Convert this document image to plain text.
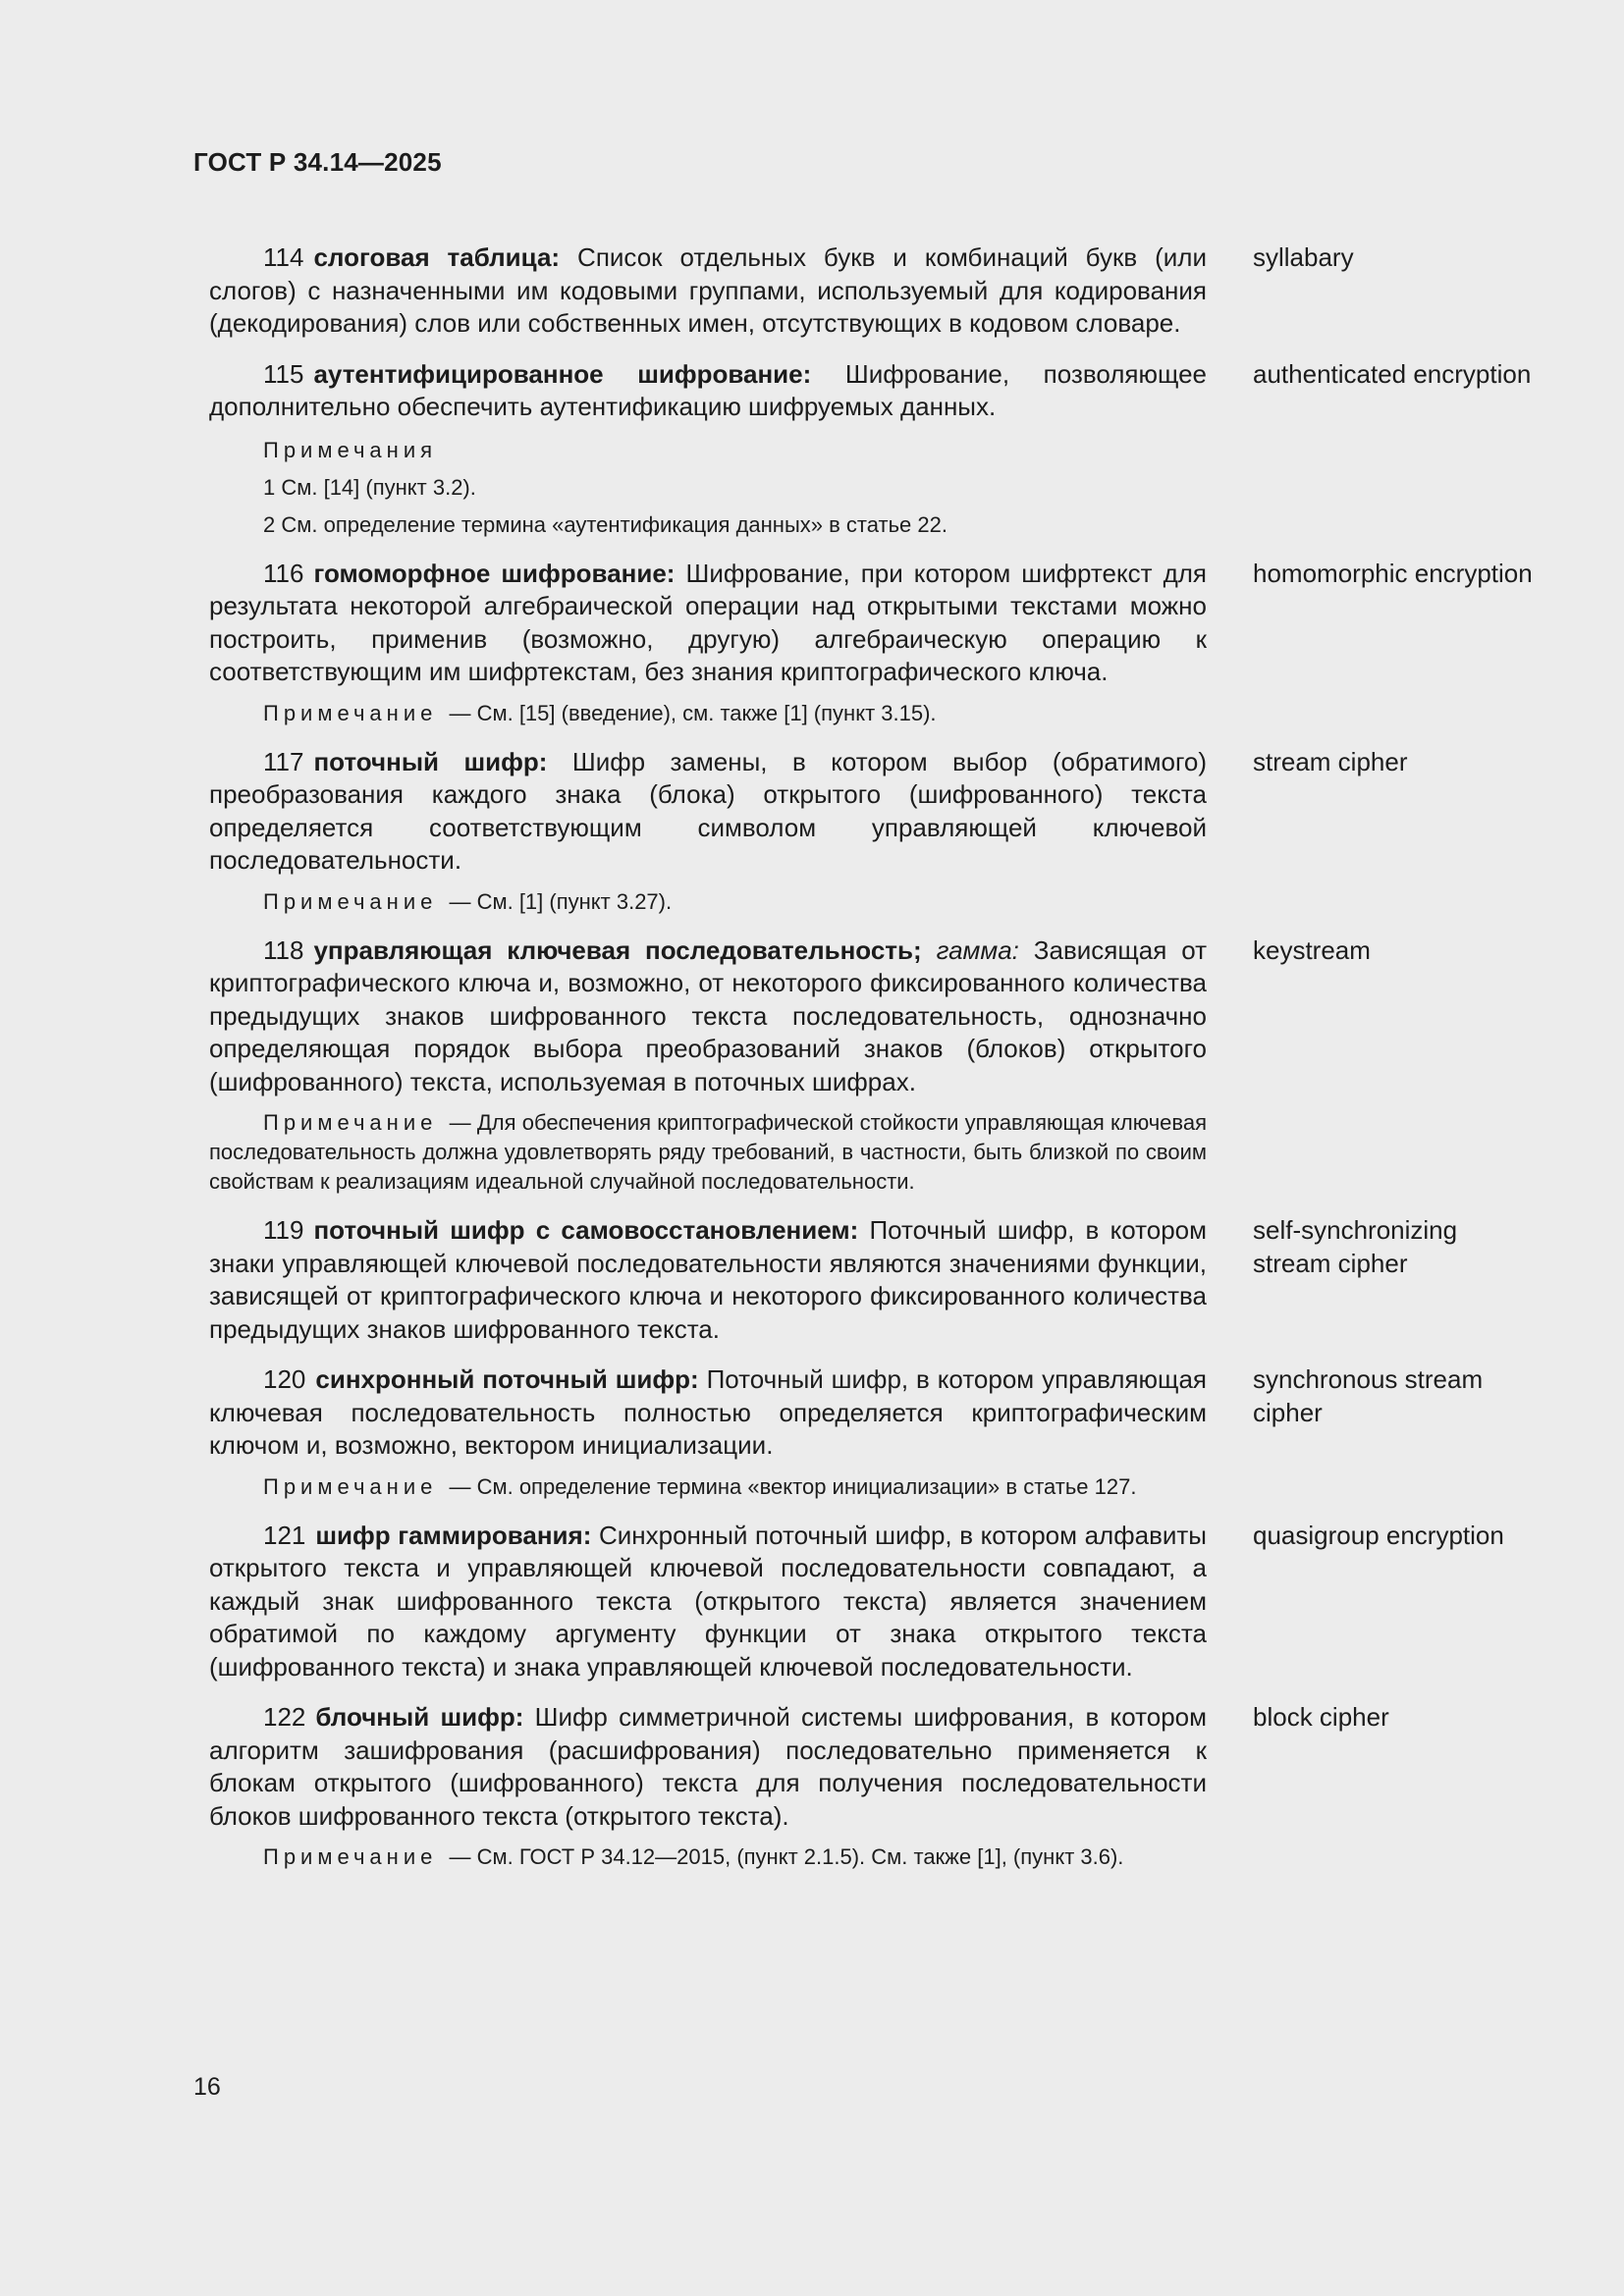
ГОСТ Р 34.14—2025

114 слоговая таблица: Список отдельных букв и комбинаций букв (или слогов) с назначенными им кодовыми группами, используемый для кодирования (декодирования) слов или собственных имен, отсутствующих в кодовом словаре.

syllabary

115 аутентифицированное шифрование: Шифрование, позволяющее дополнительно обеспечить аутентификацию шифруемых данных.

Примечания
1 См. [14] (пункт 3.2).
2 См. определение термина «аутентификация данных» в статье 22.
authenticated encryption

116 гомоморфное шифрование: Шифрование, при котором шифртекст для результата некоторой алгебраической операции над открытыми текстами можно построить, применив (возможно, другую) алгебраическую операцию к соответствующим им шифртекстам, без знания криптографического ключа.

Примечание — См. [15] (введение), см. также [1] (пункт 3.15).

homomorphic encryption

117 поточный шифр: Шифр замены, в котором выбор (обратимого) преобразования каждого знака (блока) открытого (шифрованного) текста определяется соответствующим символом управляющей ключевой последовательности.

Примечание — См. [1] (пункт 3.27).

stream cipher

118 управляющая ключевая последовательность; гамма: Зависящая от криптографического ключа и, возможно, от некоторого фиксированного количества предыдущих знаков шифрованного текста последовательность, однозначно определяющая порядок выбора преобразований знаков (блоков) открытого (шифрованного) текста, используемая в поточных шифрах.

Примечание — Для обеспечения криптографической стойкости управляющая ключевая последовательность должна удовлетворять ряду требований, в частности, быть близкой по своим свойствам к реализациям идеальной случайной последовательности.

keystream

119 поточный шифр с самовосстановлением: Поточный шифр, в котором знаки управляющей ключевой последовательности являются значениями функции, зависящей от криптографического ключа и некоторого фиксированного количества предыдущих знаков шифрованного текста.

self-synchronizing stream cipher

120 синхронный поточный шифр: Поточный шифр, в котором управляющая ключевая последовательность полностью определяется криптографическим ключом и, возможно, вектором инициализации.

Примечание — См. определение термина «вектор инициализации» в статье 127.

synchronous stream cipher

121 шифр гаммирования: Синхронный поточный шифр, в котором алфавиты открытого текста и управляющей ключевой последовательности совпадают, а каждый знак шифрованного текста (открытого текста) является значением обратимой по каждому аргументу функции от знака открытого текста (шифрованного текста) и знака управляющей ключевой последовательности.

quasigroup encryption

122 блочный шифр: Шифр симметричной системы шифрования, в котором алгоритм зашифрования (расшифрования) последовательно применяется к блокам открытого (шифрованного) текста для получения последовательности блоков шифрованного текста (открытого текста).

Примечание — См. ГОСТ Р 34.12—2015, (пункт 2.1.5). См. также [1], (пункт 3.6).

block cipher
16
